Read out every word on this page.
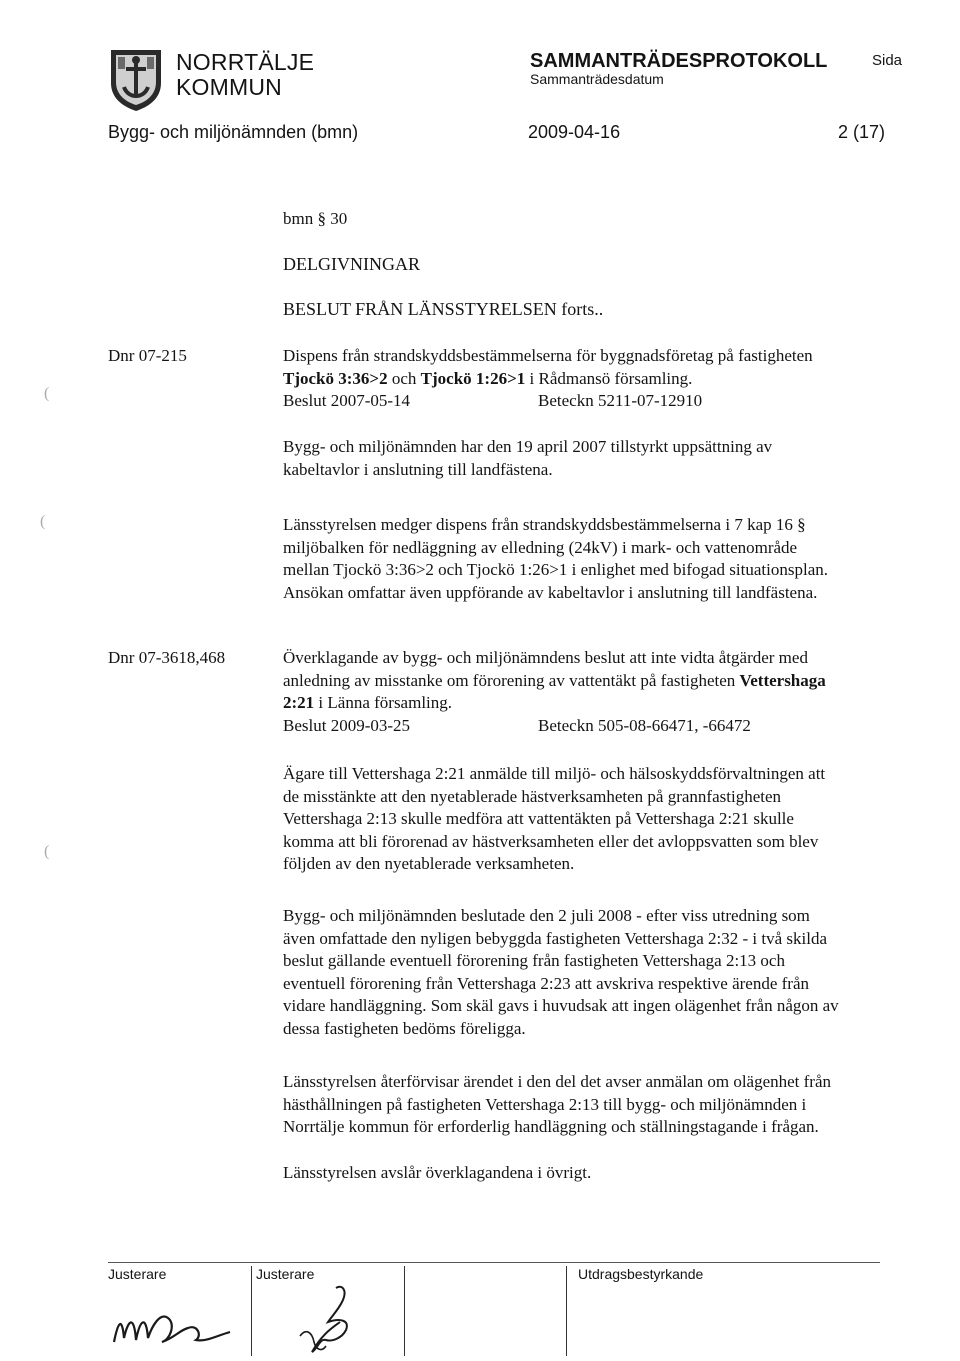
NORRTÄLJE
KOMMUN
SAMMANTRÄDESPROTOKOLL
Sammanträdesdatum
Sida
Bygg- och miljönämnden (bmn)	2009-04-16	2 (17)
bmn § 30
DELGIVNINGAR
BESLUT FRÅN LÄNSSTYRELSEN forts..
Dnr 07-215	Dispens från strandskyddsbestämmelserna för byggnadsföretag på fastigheten

Tjockö 3:36>2 och Tjockö 1:26>1 i Rådmansö församling.

Beslut 2007-05-14	Beteckn 5211-07-12910

Bygg- och miljönämnden har den 19 april 2007 tillstyrkt uppsättning av

kabeltavlor i anslutning till landfästena.

Länsstyrelsen medger dispens från strandskyddsbestämmelserna i 7 kap 16 §

miljöbalken för nedläggning av elledning (24kV) i mark- och vattenområde

mellan Tjockö 3:36>2 och Tjockö 1:26>1 i enlighet med bifogad situationsplan.

Ansökan omfattar även uppförande av kabeltavlor i anslutning till landfästena.

Dnr 07-3618,468	Överklagande av bygg- och miljönämndens beslut att inte vidta åtgärder med

anledning av misstanke om förorening av vattentäkt på fastigheten Vettershaga

2:21 i Länna församling.

Beslut 2009-03-25	Beteckn 505-08-66471, -66472

Ägare till Vettershaga 2:21 anmälde till miljö- och hälsoskyddsförvaltningen att

de misstänkte att den nyetablerade hästverksamheten på grannfastigheten

Vettershaga 2:13 skulle medföra att vattentäkten på Vettershaga 2:21 skulle

komma att bli förorenad av hästverksamheten eller det avloppsvatten som blev

följden av den nyetablerade verksamheten.

Bygg- och miljönämnden beslutade den 2 juli 2008 - efter viss utredning som

även omfattade den nyligen bebyggda fastigheten Vettershaga 2:32 - i två skilda

beslut gällande eventuell förorening från fastigheten Vettershaga 2:13 och

eventuell förorening från Vettershaga 2:23 att avskriva respektive ärende från

vidare handläggning. Som skäl gavs i huvudsak att ingen olägenhet från någon av

dessa fastigheten bedöms föreligga.

Länsstyrelsen återförvisar ärendet i den del det avser anmälan om olägenhet från

hästhållningen på fastigheten Vettershaga 2:13 till bygg- och miljönämnden i

Norrtälje kommun för erforderlig handläggning och ställningstagande i frågan.

Länsstyrelsen avslår överklagandena i övrigt.

(
(
(
Justerare	Justerare	Utdragsbestyrkande
